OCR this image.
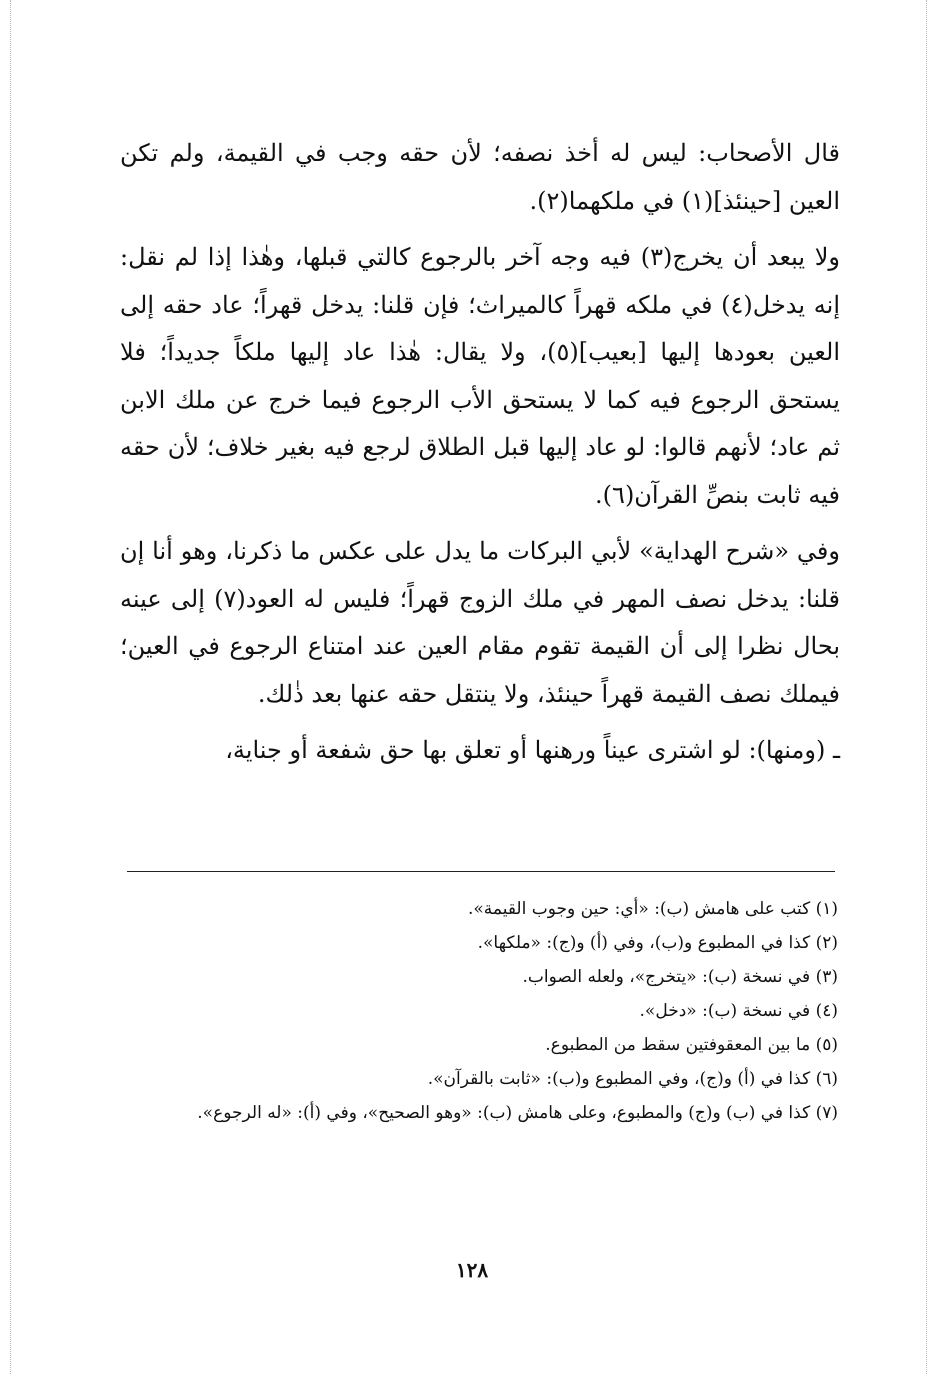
قال الأصحاب: ليس له أخذ نصفه؛ لأن حقه وجب في القيمة، ولم تكن العين [حينئذ](١) في ملكهما(٢).

ولا يبعد أن يخرج(٣) فيه وجه آخر بالرجوع كالتي قبلها، وهٰذا إذا لم نقل: إنه يدخل(٤) في ملكه قهراً كالميراث؛ فإن قلنا: يدخل قهراً؛ عاد حقه إلى العين بعودها إليها [بعيب](٥)، ولا يقال: هٰذا عاد إليها ملكاً جديداً؛ فلا يستحق الرجوع فيه كما لا يستحق الأب الرجوع فيما خرج عن ملك الابن ثم عاد؛ لأنهم قالوا: لو عاد إليها قبل الطلاق لرجع فيه بغير خلاف؛ لأن حقه فيه ثابت بنصِّ القرآن(٦).

وفي «شرح الهداية» لأبي البركات ما يدل على عكس ما ذكرنا، وهو أنا إن قلنا: يدخل نصف المهر في ملك الزوج قهراً؛ فليس له العود(٧) إلى عينه بحال نظرا إلى أن القيمة تقوم مقام العين عند امتناع الرجوع في العين؛ فيملك نصف القيمة قهراً حينئذ، ولا ينتقل حقه عنها بعد ذٰلك.

ـ (ومنها): لو اشترى عيناً ورهنها أو تعلق بها حق شفعة أو جناية،

(١) كتب على هامش (ب): «أي: حين وجوب القيمة».

(٢) كذا في المطبوع و(ب)، وفي (أ) و(ج): «ملكها».

(٣) في نسخة (ب): «يتخرج»، ولعله الصواب.

(٤) في نسخة (ب): «دخل».

(٥) ما بين المعقوفتين سقط من المطبوع.

(٦) كذا في (أ) و(ج)، وفي المطبوع و(ب): «ثابت بالقرآن».

(٧) كذا في (ب) و(ج) والمطبوع، وعلى هامش (ب): «وهو الصحيح»، وفي (أ): «له الرجوع».

١٢٨
